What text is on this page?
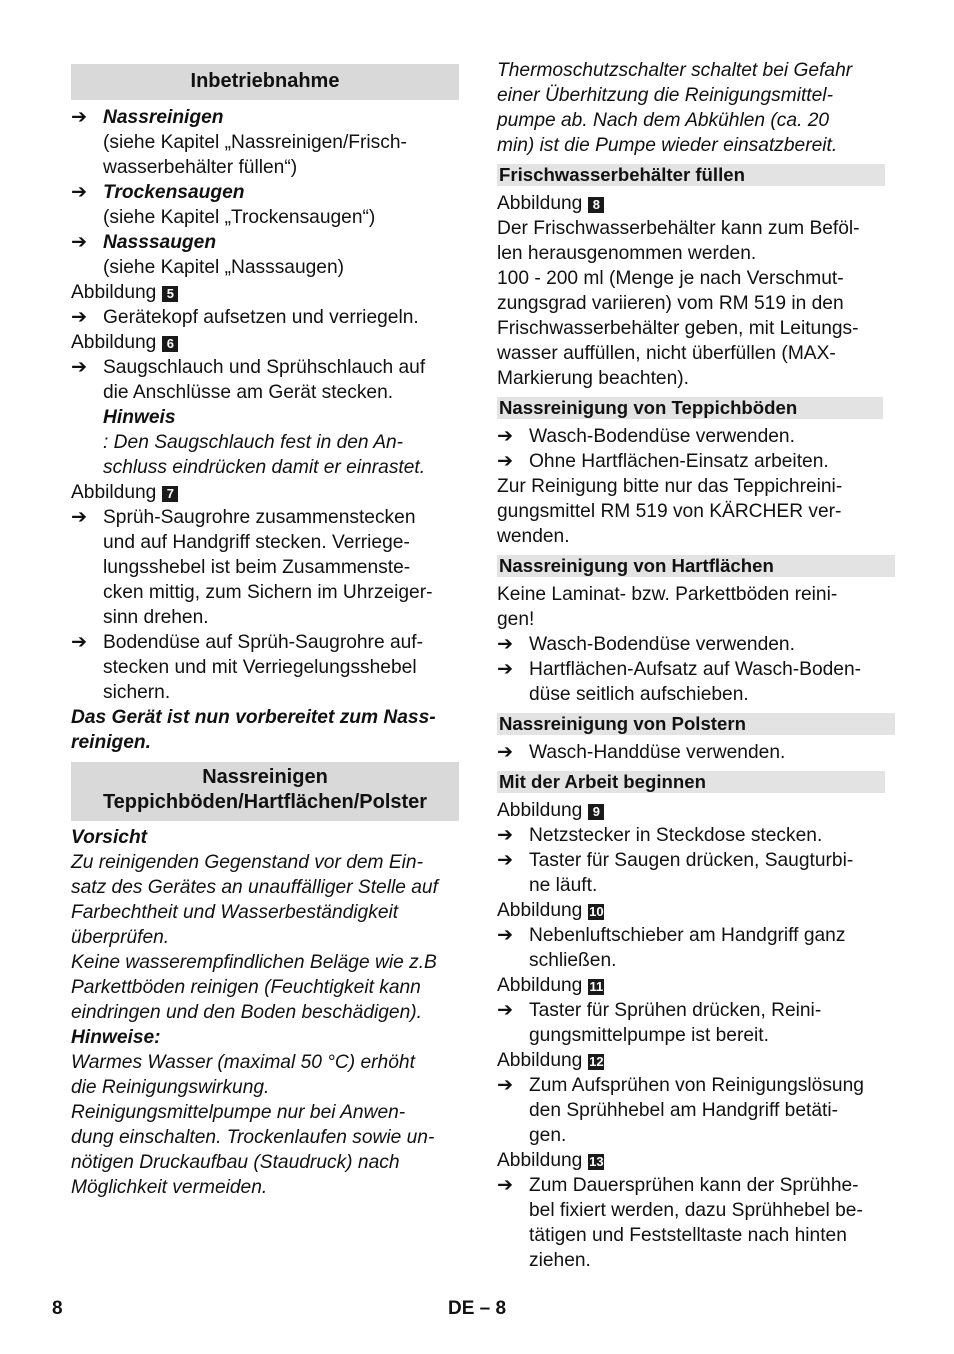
Inbetriebnahme
➔ Nassreinigen
(siehe Kapitel „Nassreinigen/Frisch-
wasserbehälter füllen“)
➔ Trockensaugen
(siehe Kapitel „Trockensaugen“)
➔ Nasssaugen
(siehe Kapitel „Nasssaugen)
Abbildung 5
➔ Gerätekopf aufsetzen und verriegeln.
Abbildung 6
➔ Saugschlauch und Sprühschlauch auf
die Anschlüsse am Gerät stecken.
Hinweis
: Den Saugschlauch fest in den An-
schluss eindrücken damit er einrastet.
Abbildung 7
➔ Sprüh-Saugrohre zusammenstecken
und auf Handgriff stecken. Verriege-
lungsshebel ist beim Zusammenste-
cken mittig, zum Sichern im Uhrzeiger-
sinn drehen.
➔ Bodendüse auf Sprüh-Saugrohre auf-
stecken und mit Verriegelungsshebel
sichern.
Das Gerät ist nun vorbereitet zum Nass-
reinigen.
Nassreinigen
Teppichböden/Hartflächen/Polster
Vorsicht
Zu reinigenden Gegenstand vor dem Ein-
satz des Gerätes an unauffälliger Stelle auf
Farbechtheit und Wasserbeständigkeit
überprüfen.
Keine wasserempfindlichen Beläge wie z.B
Parkettböden reinigen (Feuchtigkeit kann
eindringen und den Boden beschädigen).
Hinweise:
Warmes Wasser (maximal 50 °C) erhöht
die Reinigungswirkung.
Reinigungsmittelpumpe nur bei Anwen-
dung einschalten. Trockenlaufen sowie un-
nötigen Druckaufbau (Staudruck) nach
Möglichkeit vermeiden.
Thermoschutzschalter schaltet bei Gefahr
einer Überhitzung die Reinigungsmittel-
pumpe ab. Nach dem Abkühlen (ca. 20
min) ist die Pumpe wieder einsatzbereit.
Frischwasserbehälter füllen
Abbildung 8
Der Frischwasserbehälter kann zum Beföl-
len herausgenommen werden.
100 - 200 ml (Menge je nach Verschmut-
zungsgrad variieren) vom RM 519 in den
Frischwasserbehälter geben, mit Leitungs-
wasser auffüllen, nicht überfüllen (MAX-
Markierung beachten).
Nassreinigung von Teppichböden
➔ Wasch-Bodendüse verwenden.
➔ Ohne Hartflächen-Einsatz arbeiten.
Zur Reinigung bitte nur das Teppichreini-
gungsmittel RM 519 von KÄRCHER ver-
wenden.
Nassreinigung von Hartflächen
Keine Laminat- bzw. Parkettböden reini-
gen!
➔ Wasch-Bodendüse verwenden.
➔ Hartflächen-Aufsatz auf Wasch-Boden-
düse seitlich aufschieben.
Nassreinigung von Polstern
➔ Wasch-Handdüse verwenden.
Mit der Arbeit beginnen
Abbildung 9
➔ Netzstecker in Steckdose stecken.
➔ Taster für Saugen drücken, Saugturbi-
ne läuft.
Abbildung 10
➔ Nebenluftschieber am Handgriff ganz
schließen.
Abbildung 11
➔ Taster für Sprühen drücken, Reini-
gungsmittelpumpe ist bereit.
Abbildung 12
➔ Zum Aufsprühen von Reinigungslösung
den Sprühhebel am Handgriff betäti-
gen.
Abbildung 13
➔ Zum Dauersprühen kann der Sprühhe-
bel fixiert werden, dazu Sprühhebel be-
tätigen und Feststelltaste nach hinten
ziehen.
8	DE – 8
